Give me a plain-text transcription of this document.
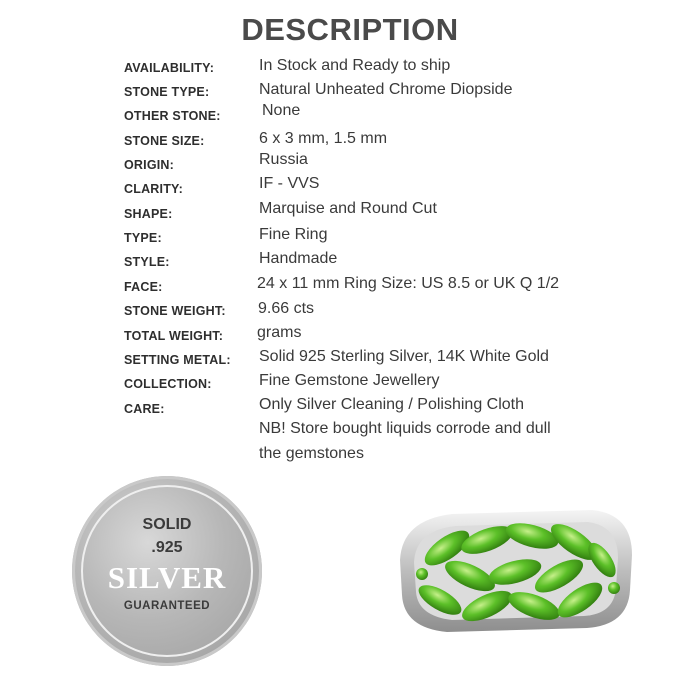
DESCRIPTION
AVAILABILITY:	In Stock and Ready to ship
STONE TYPE:	Natural Unheated Chrome Diopside
OTHER STONE:	None
STONE SIZE:	6 x 3 mm, 1.5 mm
ORIGIN:	Russia
CLARITY:	IF - VVS
SHAPE:	Marquise and Round Cut
TYPE:	Fine Ring
STYLE:	Handmade
FACE:	24 x 11 mm Ring Size: US 8.5 or UK Q 1/2
STONE WEIGHT: 9.66 cts
TOTAL WEIGHT: grams
SETTING METAL: Solid 925 Sterling Silver, 14K White Gold
COLLECTION:	Fine Gemstone Jewellery
CARE:	Only Silver Cleaning / Polishing Cloth
NB! Store bought liquids corrode and dull
the gemstones
SOLID
.925
SILVER
GUARANTEED
